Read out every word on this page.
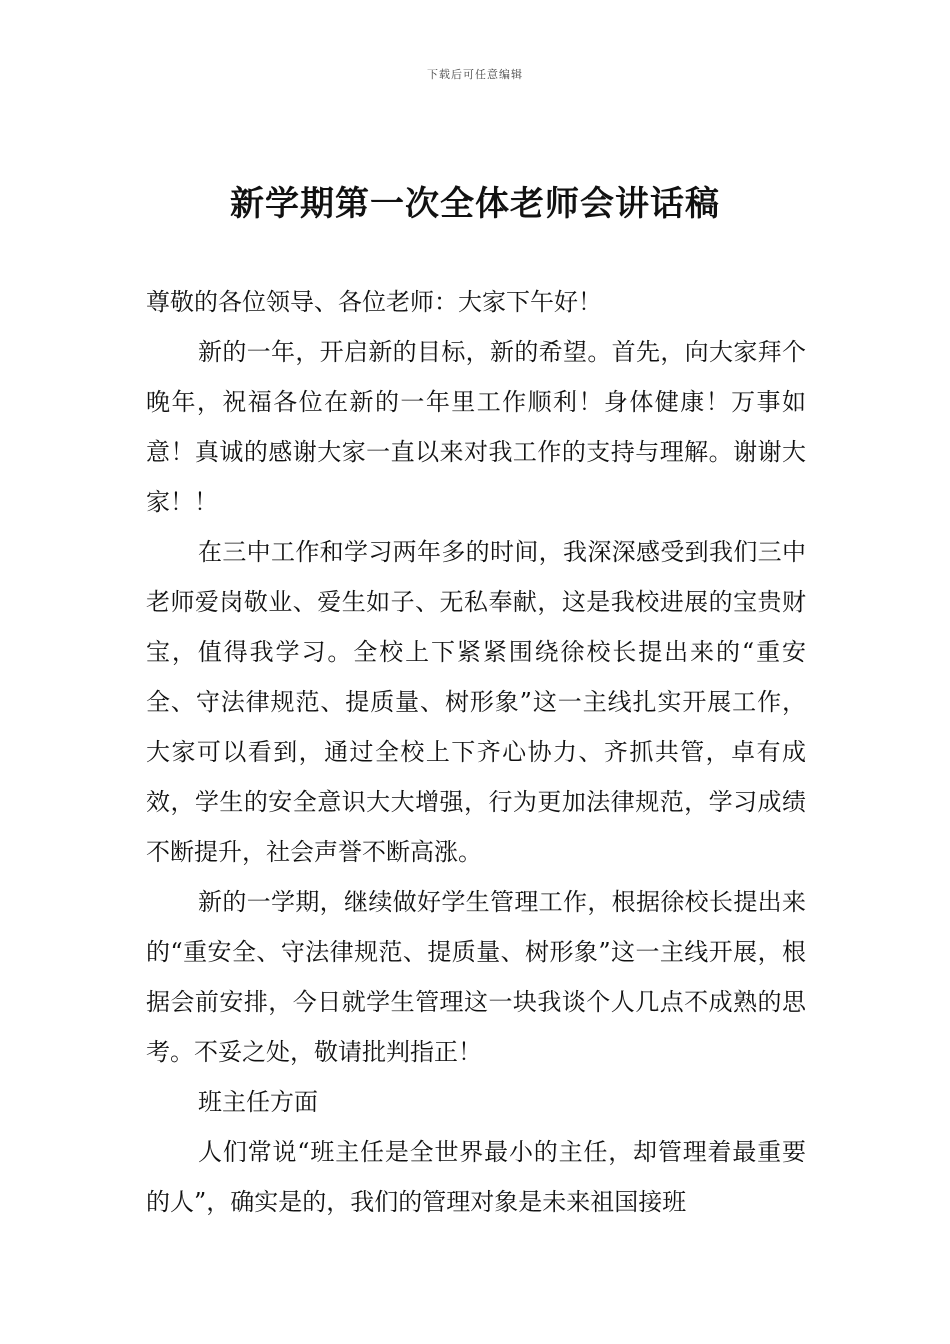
下载后可任意编辑
新学期第一次全体老师会讲话稿

尊敬的各位领导、各位老师：大家下午好！

新的一年，开启新的目标，新的希望。首先，向大家拜个晚年，祝福各位在新的一年里工作顺利！身体健康！万事如意！真诚的感谢大家一直以来对我工作的支持与理解。谢谢大家！！

在三中工作和学习两年多的时间，我深深感受到我们三中老师爱岗敬业、爱生如子、无私奉献，这是我校进展的宝贵财宝，值得我学习。全校上下紧紧围绕徐校长提出来的“重安全、守法律规范、提质量、树形象”这一主线扎实开展工作，大家可以看到，通过全校上下齐心协力、齐抓共管，卓有成效，学生的安全意识大大增强，行为更加法律规范，学习成绩不断提升，社会声誉不断高涨。

新的一学期，继续做好学生管理工作，根据徐校长提出来的“重安全、守法律规范、提质量、树形象”这一主线开展，根据会前安排，今日就学生管理这一块我谈个人几点不成熟的思考。不妥之处，敬请批判指正！

班主任方面

人们常说“班主任是全世界最小的主任，却管理着最重要的人”，确实是的，我们的管理对象是未来祖国接班
